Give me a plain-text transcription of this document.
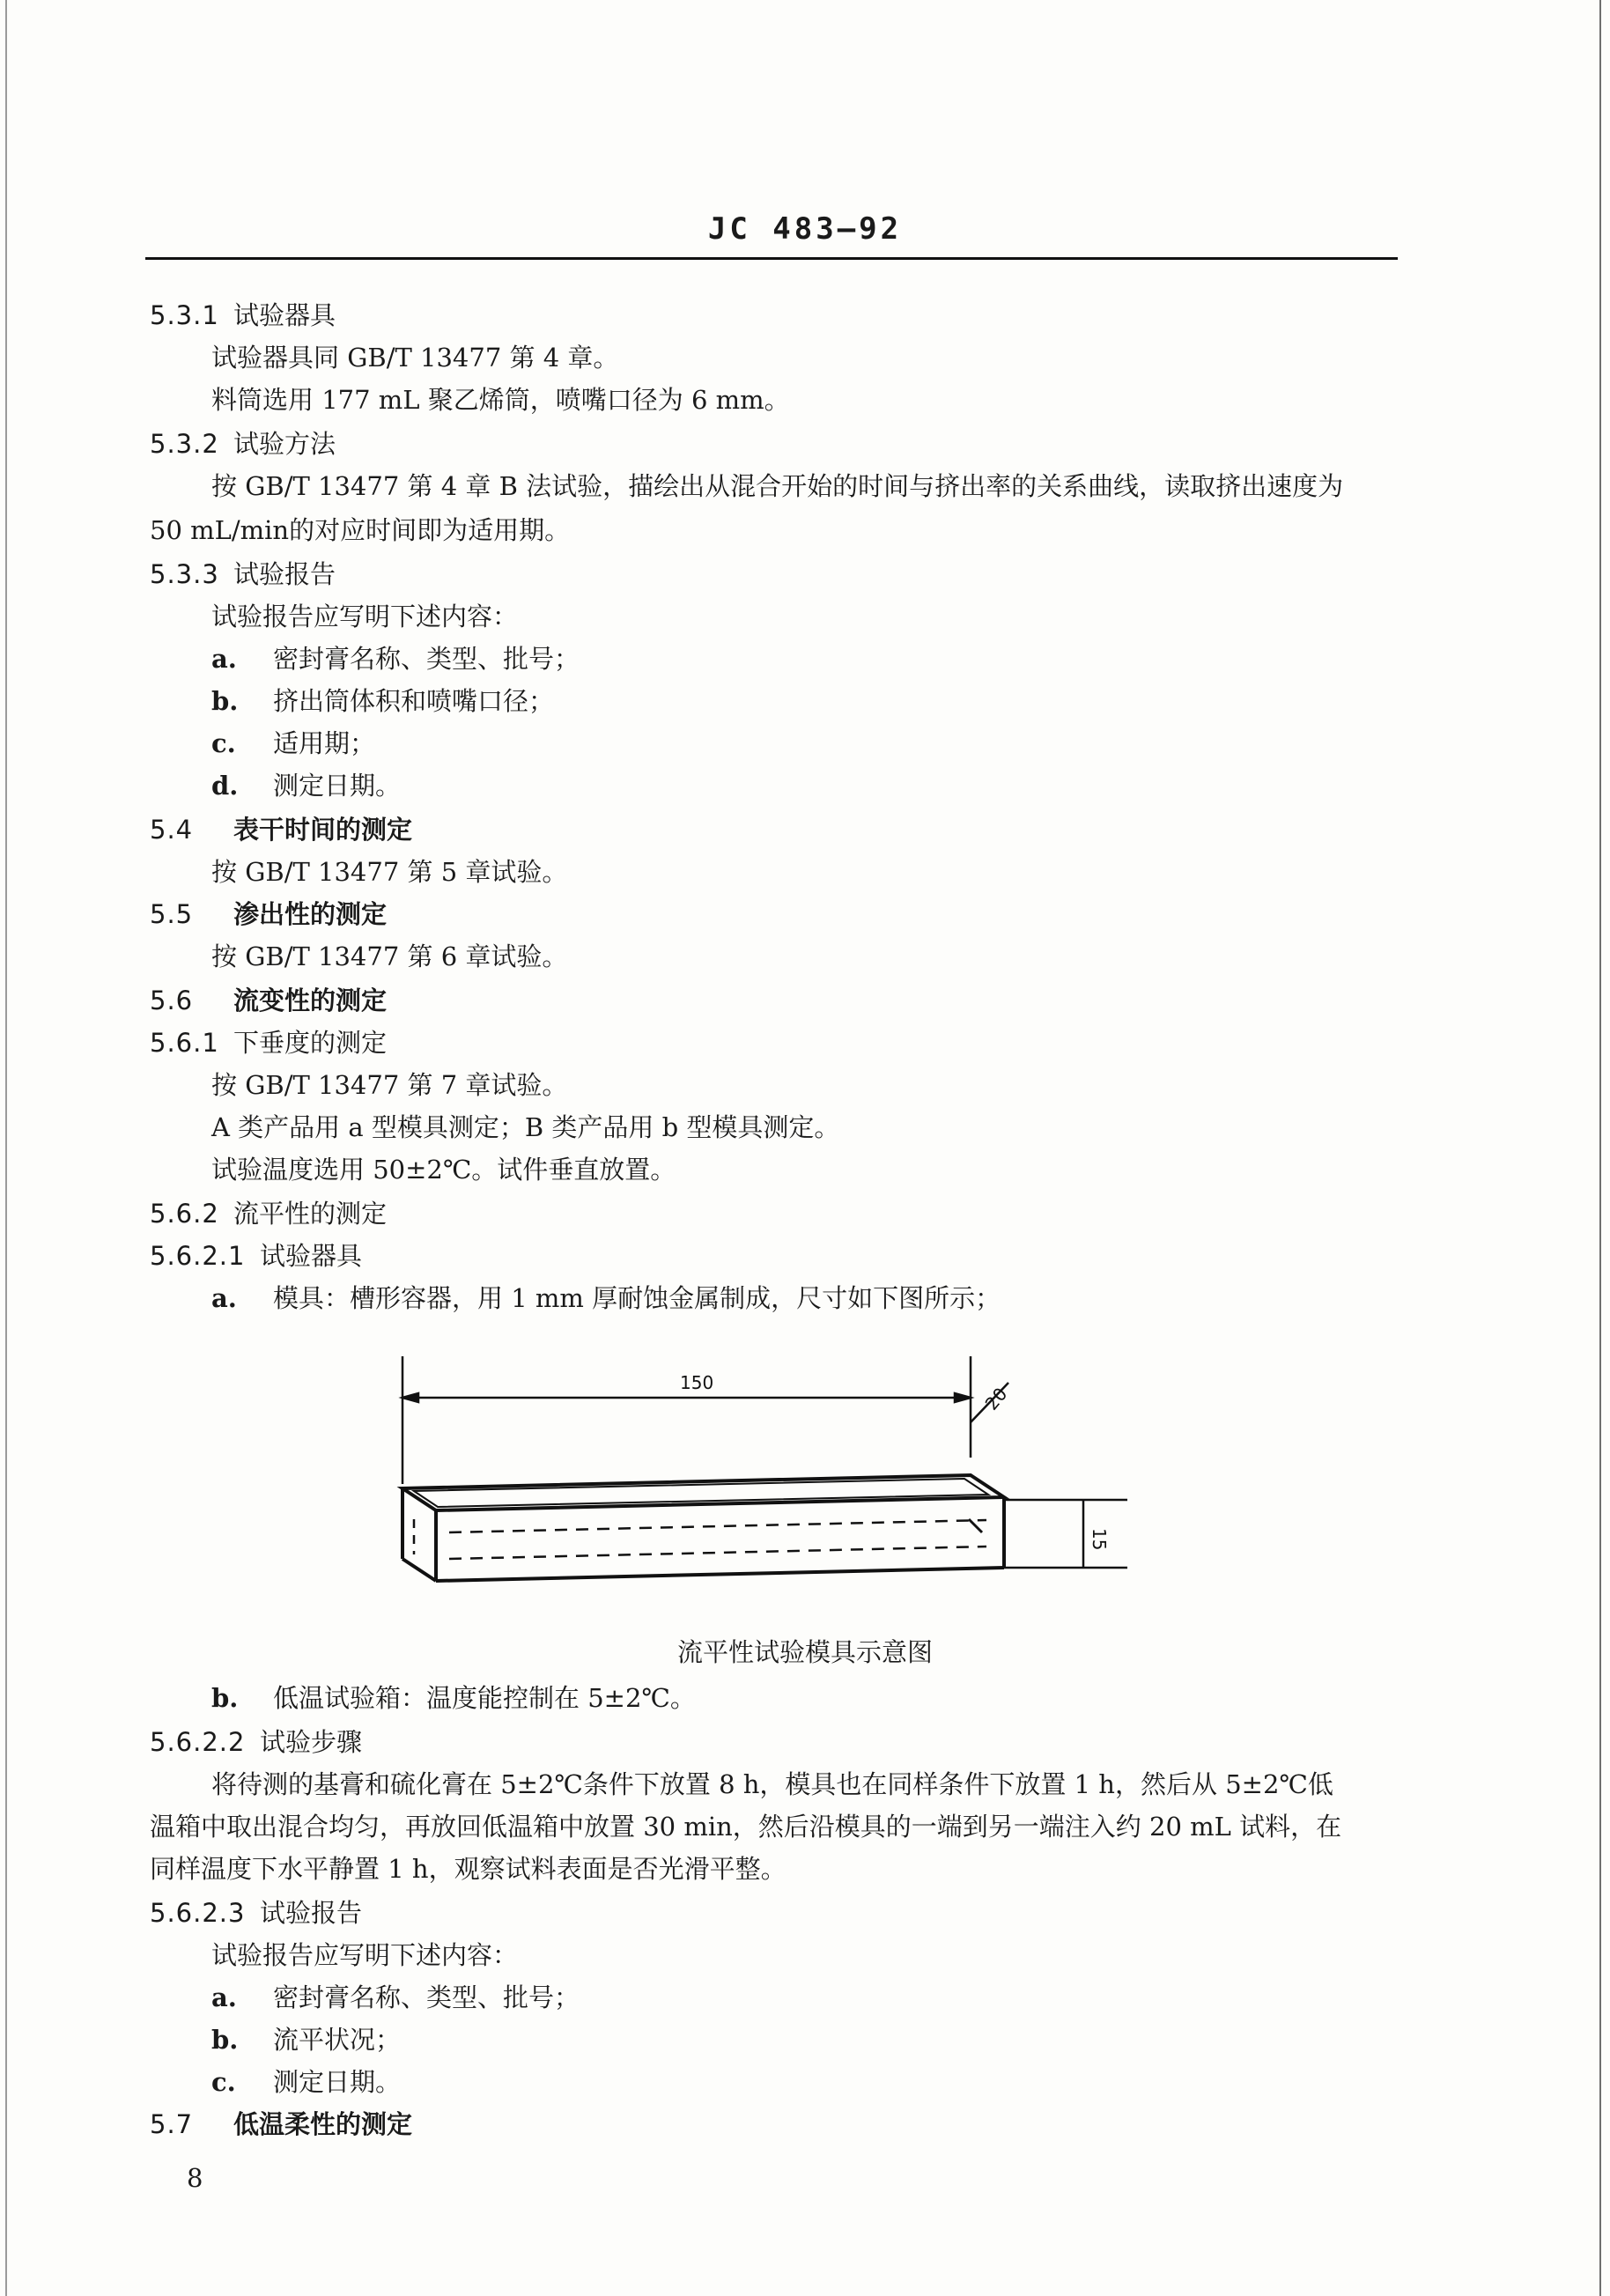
JC 483—92
5.3.1 试验器具
试验器具同 GB/T 13477 第 4 章。
料筒选用 177 mL 聚乙烯筒，喷嘴口径为 6 mm。
5.3.2 试验方法
按 GB/T 13477 第 4 章 B 法试验，描绘出从混合开始的时间与挤出率的关系曲线，读取挤出速度为
50 mL/min的对应时间即为适用期。
5.3.3 试验报告
试验报告应写明下述内容：
a. 密封膏名称、类型、批号；
b. 挤出筒体积和喷嘴口径；
c. 适用期；
d. 测定日期。
5.4 表干时间的测定
按 GB/T 13477 第 5 章试验。
5.5 渗出性的测定
按 GB/T 13477 第 6 章试验。
5.6 流变性的测定
5.6.1 下垂度的测定
按 GB/T 13477 第 7 章试验。
A 类产品用 a 型模具测定；B 类产品用 b 型模具测定。
试验温度选用 50±2℃。试件垂直放置。
5.6.2 流平性的测定
5.6.2.1 试验器具
a. 模具：槽形容器，用 1 mm 厚耐蚀金属制成，尺寸如下图所示；
150
20
15
流平性试验模具示意图
b. 低温试验箱：温度能控制在 5±2℃。
5.6.2.2 试验步骤
将待测的基膏和硫化膏在 5±2℃条件下放置 8 h，模具也在同样条件下放置 1 h，然后从 5±2℃低
温箱中取出混合均匀，再放回低温箱中放置 30 min，然后沿模具的一端到另一端注入约 20 mL 试料，在
同样温度下水平静置 1 h，观察试料表面是否光滑平整。
5.6.2.3 试验报告
试验报告应写明下述内容：
a. 密封膏名称、类型、批号；
b. 流平状况；
c. 测定日期。
5.7 低温柔性的测定
8
